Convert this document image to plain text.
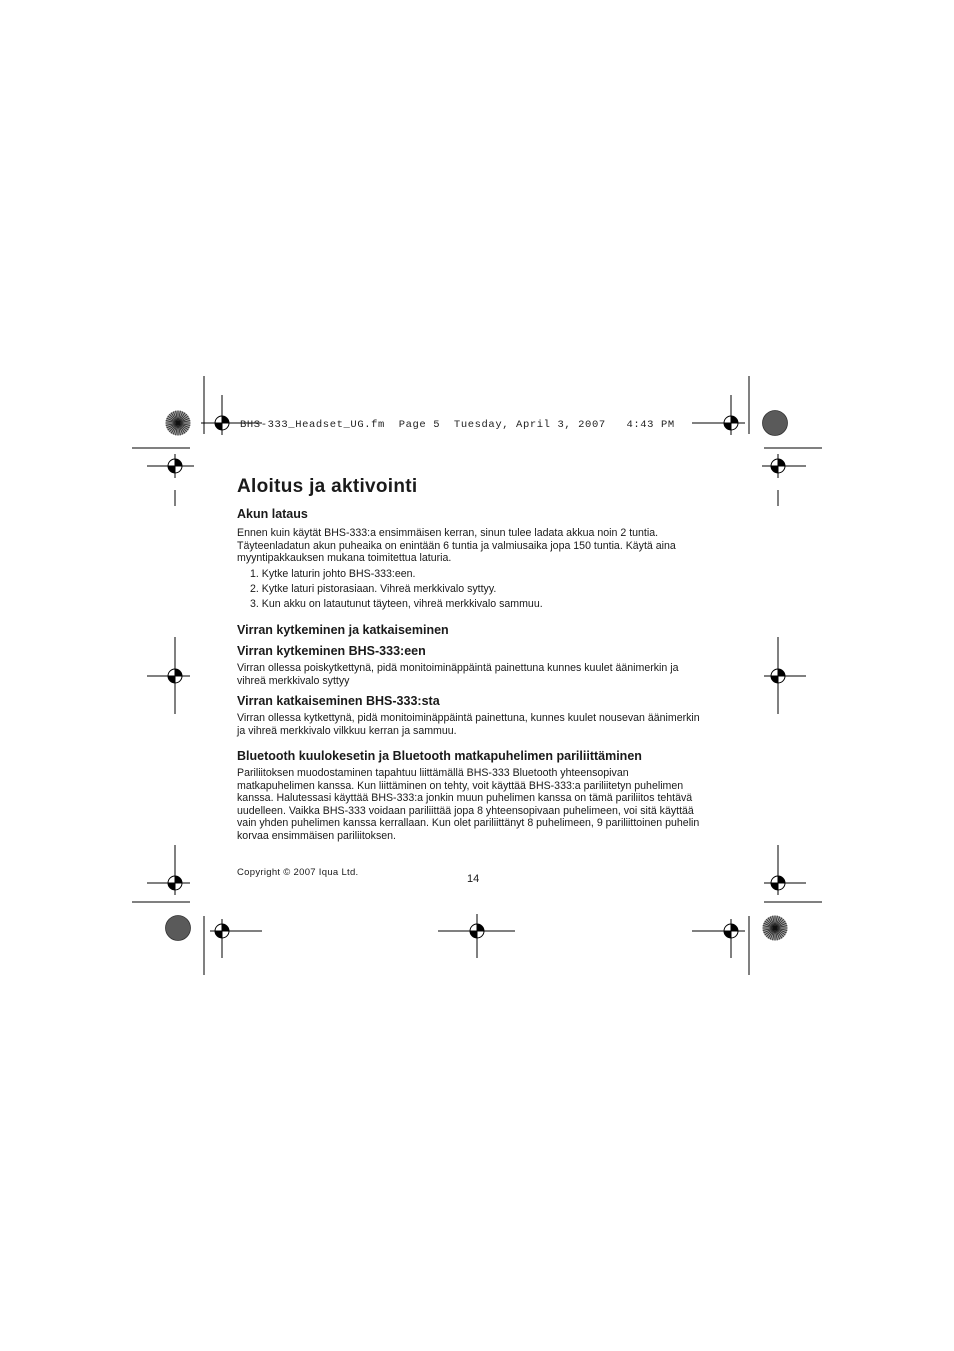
BHS-333_Headset_UG.fm  Page 5  Tuesday, April 3, 2007   4:43 PM
Aloitus ja aktivointi
Akun lataus

Ennen kuin käytät BHS-333:a ensimmäisen kerran, sinun tulee ladata akkua noin 2 tuntia. Täyteenladatun akun puheaika on enintään 6 tuntia ja valmiusaika jopa 150 tuntia. Käytä aina myyntipakkauksen mukana toimitettua laturia.

1. Kytke laturin johto BHS-333:een.
2. Kytke laturi pistorasiaan. Vihreä merkkivalo syttyy.
3. Kun akku on latautunut täyteen, vihreä merkkivalo sammuu.
Virran kytkeminen ja katkaiseminen
Virran kytkeminen BHS-333:een

Virran ollessa poiskytkettynä, pidä monitoiminäppäintä painettuna kunnes kuulet äänimerkin ja vihreä merkkivalo syttyy

Virran katkaiseminen BHS-333:sta

Virran ollessa kytkettynä, pidä monitoiminäppäintä painettuna, kunnes kuulet nousevan äänimerkin ja vihreä merkkivalo vilkkuu kerran ja sammuu.

Bluetooth kuulokesetin ja Bluetooth matkapuhelimen pariliittäminen

Pariliitoksen muodostaminen tapahtuu liittämällä BHS-333 Bluetooth yhteensopivan matkapuhelimen kanssa. Kun liittäminen on tehty, voit käyttää BHS-333:a pariliitetyn puhelimen kanssa. Halutessasi käyttää BHS-333:a jonkin muun puhelimen kanssa on tämä pariliitos tehtävä uudelleen. Vaikka BHS-333 voidaan pariliittää jopa 8 yhteensopivaan puhelimeen, voi sitä käyttää vain yhden puhelimen kanssa kerrallaan. Kun olet pariliittänyt 8 puhelimeen, 9 pariliittoinen puhelin korvaa ensimmäisen pariliitoksen.

Copyright © 2007 Iqua Ltd.
14
